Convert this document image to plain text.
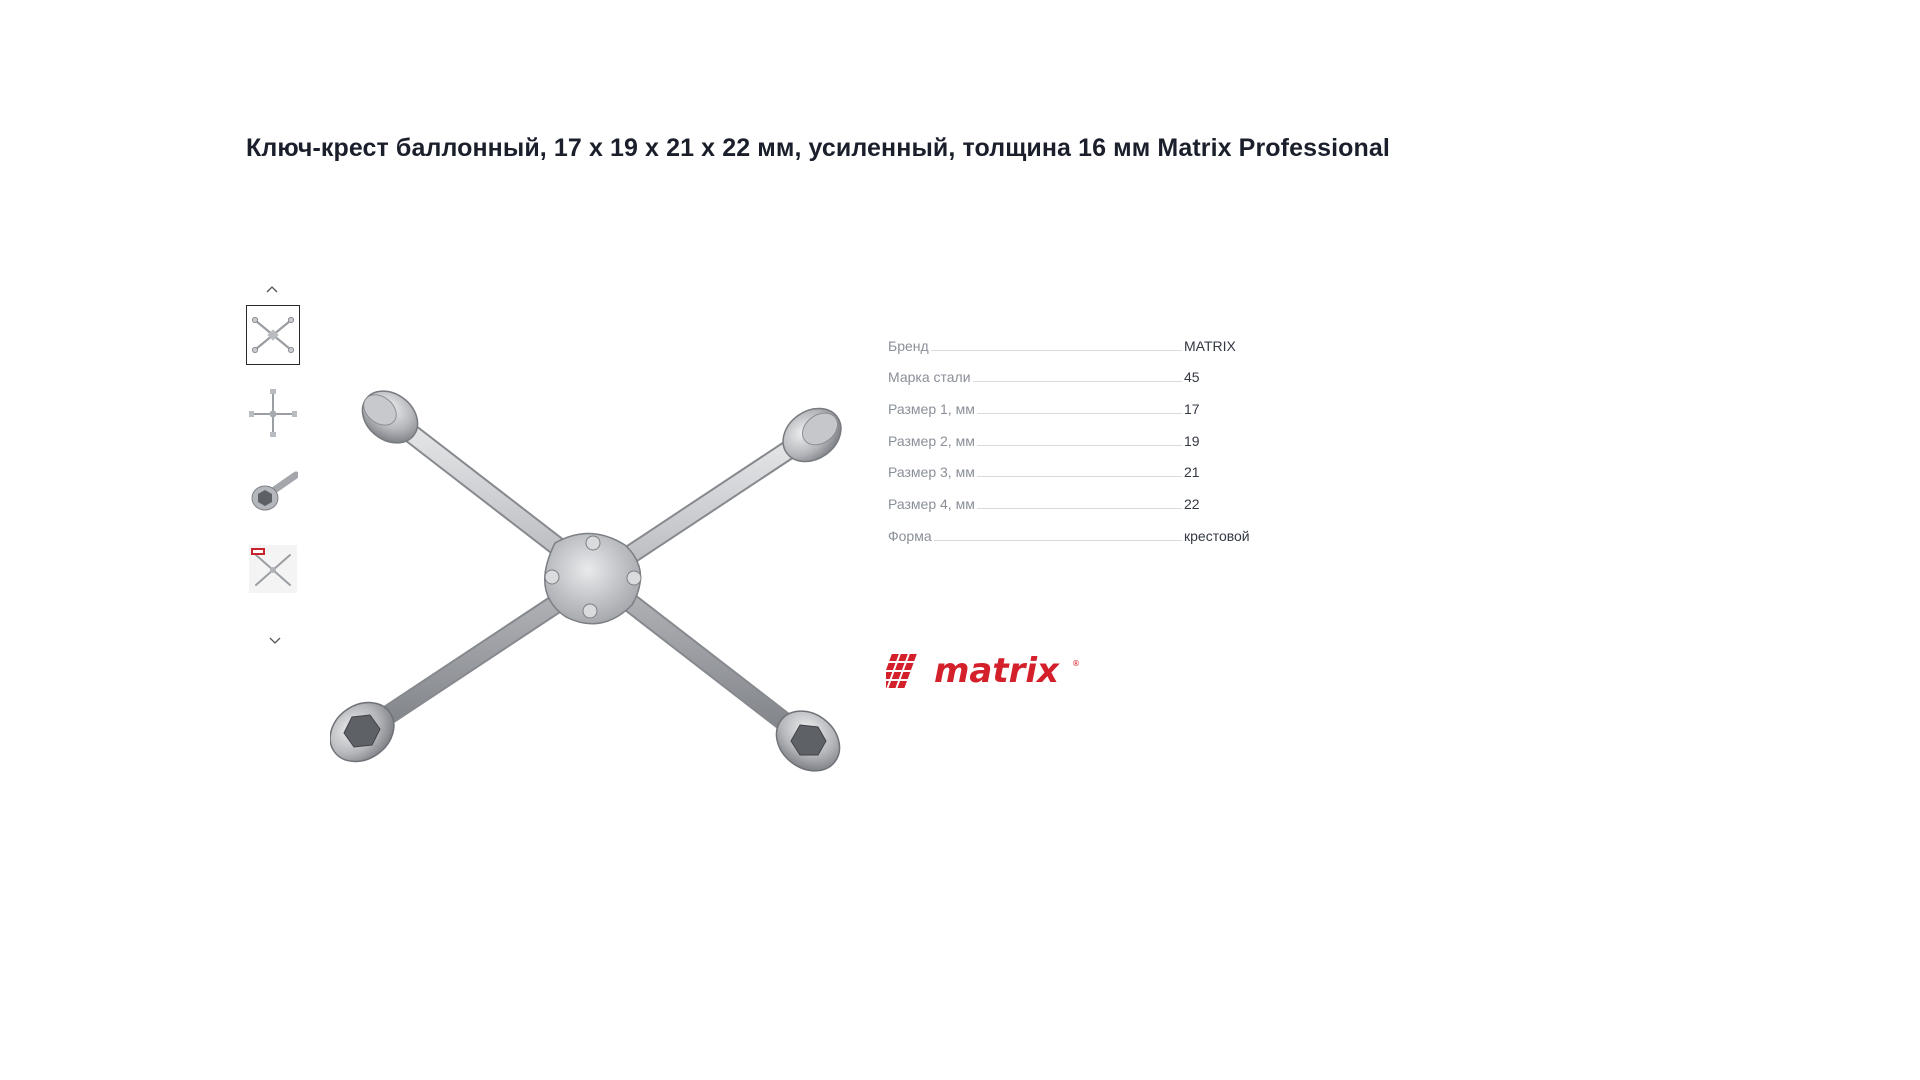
Ключ-крест баллонный, 17 х 19 х 21 х 22 мм, усиленный, толщина 16 мм Matrix Professional
Бренд	MATRIX
Марка стали	45
Размер 1, мм	17
Размер 2, мм	19
Размер 3, мм	21
Размер 4, мм	22
Форма	крестовой
matrix ®
